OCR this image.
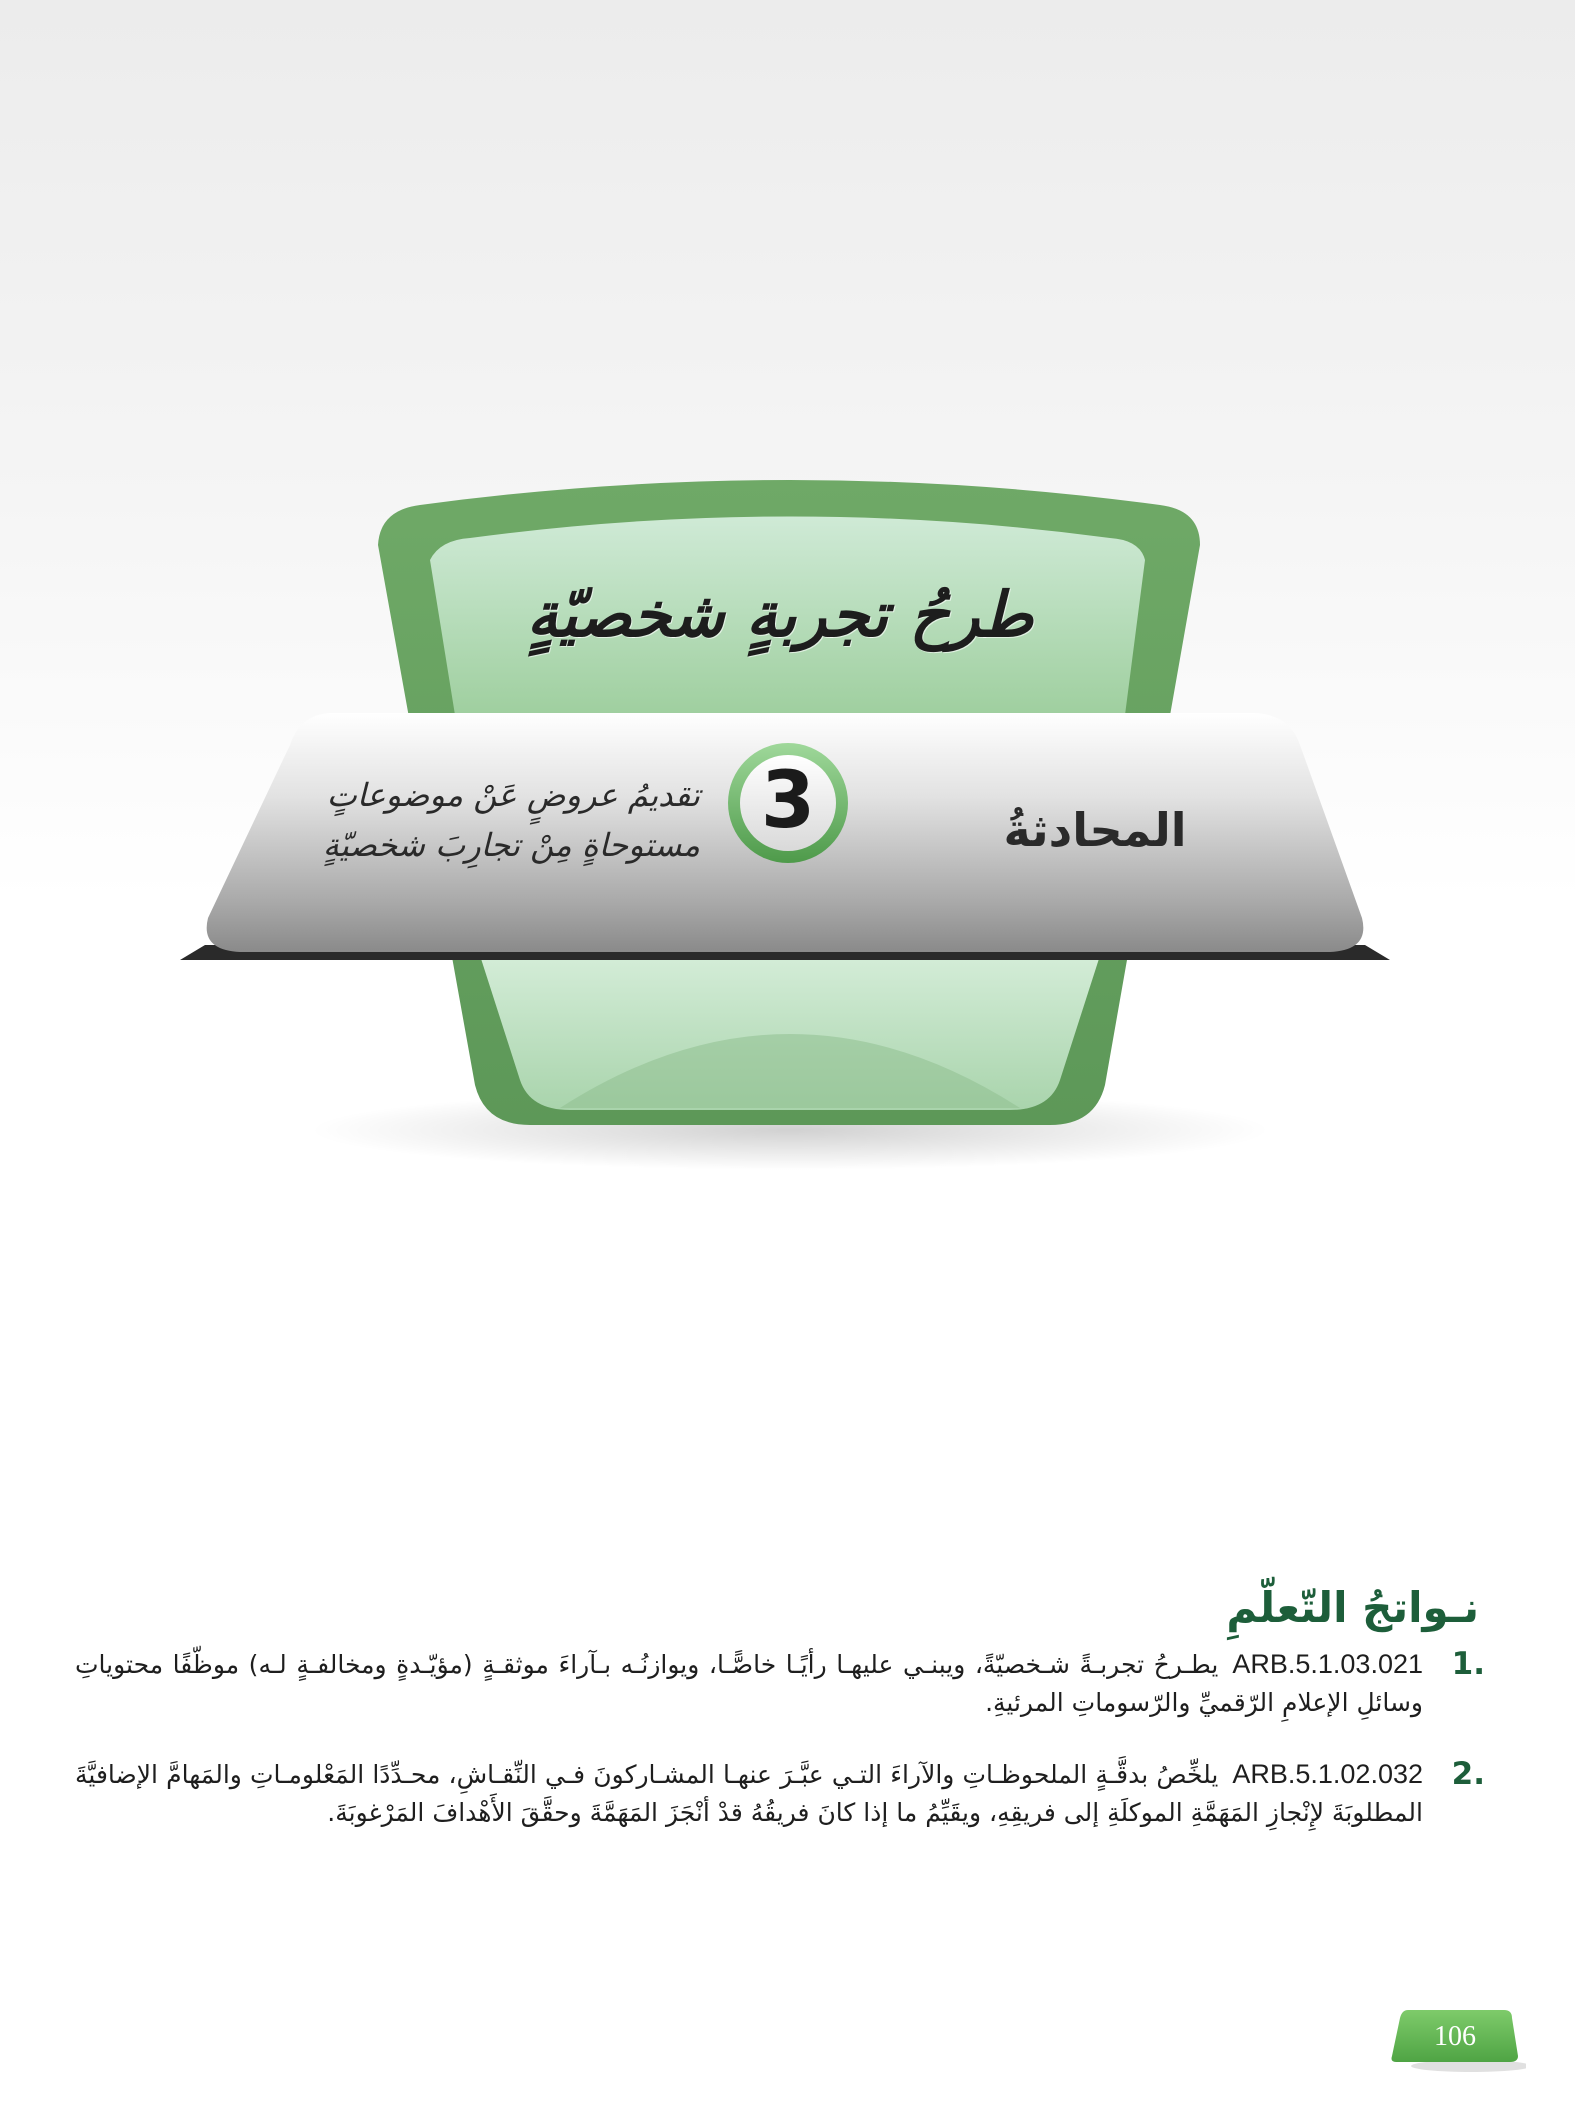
طرحُ تجربةٍ شخصيّةٍ
3	المحادثةُ
تقديمُ عروضٍ عَنْ موضوعاتٍ
مستوحاةٍ مِنْ تجارِبَ شخصيّةٍ
نـواتجُ التّعلّمِ
1.
ARB.5.1.03.021يطـرحُ تجربـةً شـخصيّةً، ويبنـي عليهـا رأيًـا خاصًّـا، ويوازنُـه بـآراءَ موثقـةٍ (مؤيّـدةٍ ومخالفـةٍ لـه) موظّفًا محتوياتِ وسائلِ الإعلامِ الرّقميِّ والرّسوماتِ المرئيةِ.
2.
ARB.5.1.02.032يلخِّصُ بدقَّـةٍ الملحوظـاتِ والآراءَ التـي عبَّـرَ عنهـا المشـاركونَ فـي النِّقـاشِ، محـدِّدًا المَعْلومـاتِ والمَهامَّ الإضافيَّةَ المطلوبَةَ لإِنْجازِ المَهَمَّةِ الموكلَةِ إلى فريقِهِ، ويقَيِّمُ ما إذا كانَ فريقُهُ قدْ أنْجَزَ المَهَمَّةَ وحقَّقَ الأَهْدافَ المَرْغوبَةَ.
106
